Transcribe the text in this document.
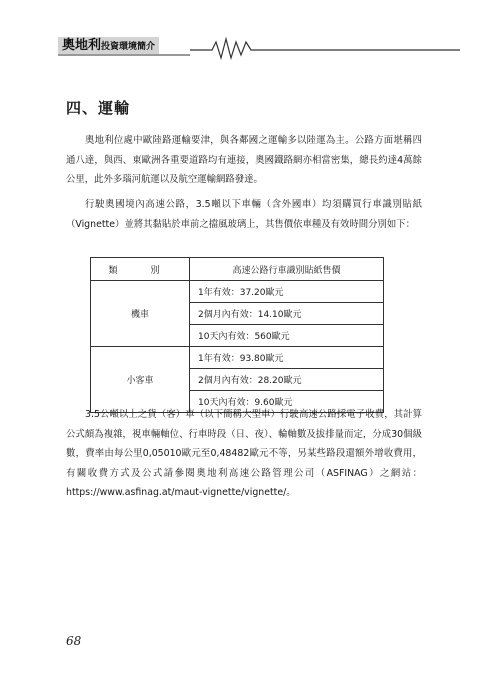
奧地利投資環境簡介
四、運輸
奧地利位處中歐陸路運輸要津，與各鄰國之運輸多以陸運為主。公路方面堪稱四通八達，與西、東歐洲各重要道路均有連接，奧國鐵路網亦相當密集，總長約達4萬餘公里，此外多瑙河航運以及航空運輸網路發達。
行駛奧國境內高速公路，3.5噸以下車輛（含外國車）均須購買行車識別貼紙（Vignette）並將其黏貼於車前之擋風玻璃上，其售價依車種及有效時間分別如下：
類　別	高速公路行車識別貼紙售價
機車	1年有效：37.20歐元
	2個月內有效：14.10歐元
	10天內有效：560歐元
小客車	1年有效：93.80歐元
	2個月內有效：28.20歐元
	10天內有效：9.60歐元
3.5公噸以上之貨（客）車（以下簡稱大型車）行駛高速公路採電子收費，其計算公式頗為複雜，視車輛軸位、行車時段（日、夜）、輪軸數及拔排量而定，分成30個級數，費率由每公里0,05010歐元至0,48482歐元不等，另某些路段還額外增收費用，有關收費方式及公式請參閱奧地利高速公路管理公司（ASFINAG）之網站：https://www.asfinag.at/maut-vignette/vignette/。
68
